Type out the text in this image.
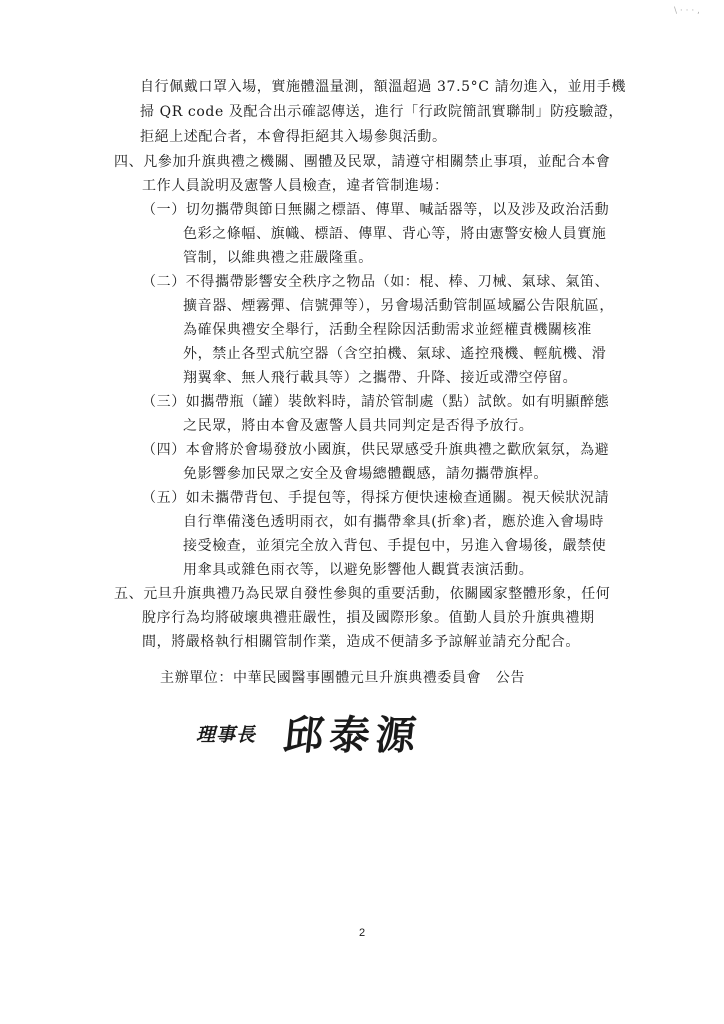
\ · · · ,
自行佩戴口罩入場，實施體溫量測，額溫超過 37.5°C 請勿進入，並用手機
掃 QR code 及配合出示確認傳送，進行「行政院簡訊實聯制」防疫驗證，
拒絕上述配合者，本會得拒絕其入場參與活動。
四、凡參加升旗典禮之機關、團體及民眾，請遵守相關禁止事項，並配合本會
工作人員說明及憲警人員檢查，違者管制進場：
（一）切勿攜帶與節日無關之標語、傳單、喊話器等，以及涉及政治活動
色彩之條幅、旗幟、標語、傳單、背心等，將由憲警安檢人員實施
管制，以維典禮之莊嚴隆重。
（二）不得攜帶影響安全秩序之物品（如：棍、棒、刀械、氣球、氣笛、
擴音器、煙霧彈、信號彈等），另會場活動管制區域屬公告限航區，
為確保典禮安全舉行，活動全程除因活動需求並經權責機關核准
外，禁止各型式航空器（含空拍機、氣球、遙控飛機、輕航機、滑
翔翼傘、無人飛行載具等）之攜帶、升降、接近或滯空停留。
（三）如攜帶瓶（罐）裝飲料時，請於管制處（點）試飲。如有明顯醉態
之民眾，將由本會及憲警人員共同判定是否得予放行。
（四）本會將於會場發放小國旗，供民眾感受升旗典禮之歡欣氣氛，為避
免影響參加民眾之安全及會場總體觀感，請勿攜帶旗桿。
（五）如未攜帶背包、手提包等，得採方便快速檢查通關。視天候狀況請
自行準備淺色透明雨衣，如有攜帶傘具(折傘)者，應於進入會場時
接受檢查，並須完全放入背包、手提包中，另進入會場後，嚴禁使
用傘具或雜色雨衣等，以避免影響他人觀賞表演活動。
五、元旦升旗典禮乃為民眾自發性參與的重要活動，依關國家整體形象，任何
脫序行為均將破壞典禮莊嚴性，損及國際形象。值勤人員於升旗典禮期
間，將嚴格執行相關管制作業，造成不便請多予諒解並請充分配合。
主辦單位：中華民國醫事團體元旦升旗典禮委員會　公告
理事長 邱泰源
2
